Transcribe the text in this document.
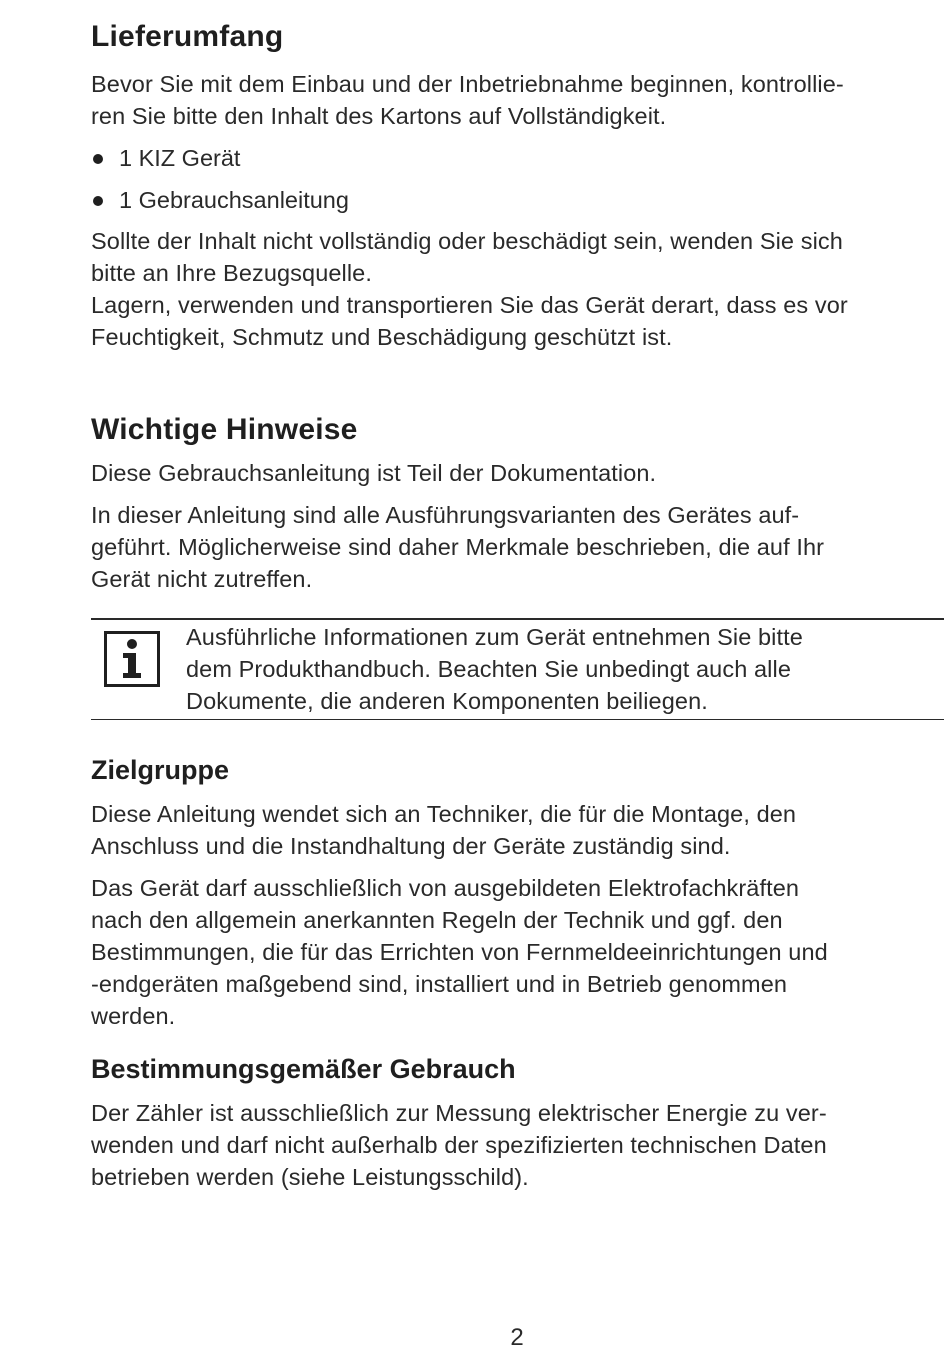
Lieferumfang

Bevor Sie mit dem Einbau und der Inbetriebnahme beginnen, kontrollie-
ren Sie bitte den Inhalt des Kartons auf Vollständigkeit.

1 KIZ Gerät
1 Gebrauchsanleitung

Sollte der Inhalt nicht vollständig oder beschädigt sein, wenden Sie sich
bitte an Ihre Bezugsquelle.
Lagern, verwenden und transportieren Sie das Gerät derart, dass es vor
Feuchtigkeit, Schmutz und Beschädigung geschützt ist.

Wichtige Hinweise

Diese Gebrauchsanleitung ist Teil der Dokumentation.

In dieser Anleitung sind alle Ausführungsvarianten des Gerätes auf-
geführt. Möglicherweise sind daher Merkmale beschrieben, die auf Ihr
Gerät nicht zutreffen.

Ausführliche Informationen zum Gerät entnehmen Sie bitte
dem Produkthandbuch. Beachten Sie unbedingt auch alle
Dokumente, die anderen Komponenten beiliegen.

Zielgruppe

Diese Anleitung wendet sich an Techniker, die für die Montage, den
Anschluss und die Instandhaltung der Geräte zuständig sind.

Das Gerät darf ausschließlich von ausgebildeten Elektrofachkräften
nach den allgemein anerkannten Regeln der Technik und ggf. den
Bestimmungen, die für das Errichten von Fernmeldeeinrichtungen und
-endgeräten maßgebend sind, installiert und in Betrieb genommen
werden.

Bestimmungsgemäßer Gebrauch

Der Zähler ist ausschließlich zur Messung elektrischer Energie zu ver-
wenden und darf nicht außerhalb der spezifizierten technischen Daten
betrieben werden (siehe Leistungsschild).

2
